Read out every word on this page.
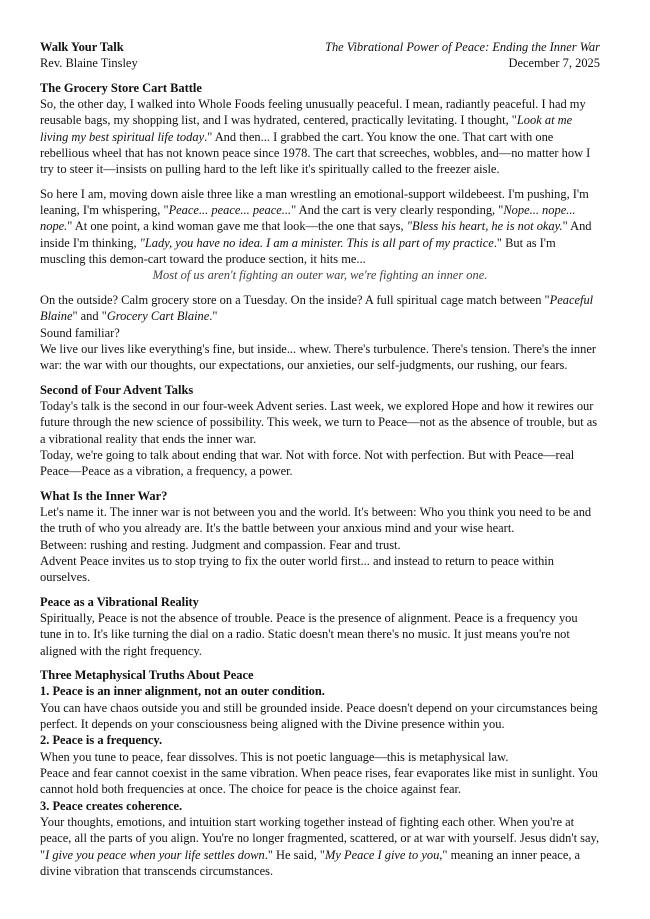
Walk Your Talk	The Vibrational Power of Peace: Ending the Inner War
Rev. Blaine Tinsley	December 7, 2025
The Grocery Store Cart Battle

So, the other day, I walked into Whole Foods feeling unusually peaceful. I mean, radiantly peaceful. I had my reusable bags, my shopping list, and I was hydrated, centered, practically levitating. I thought, "Look at me living my best spiritual life today." And then... I grabbed the cart. You know the one. That cart with one rebellious wheel that has not known peace since 1978. The cart that screeches, wobbles, and—no matter how I try to steer it—insists on pulling hard to the left like it's spiritually called to the freezer aisle.

So here I am, moving down aisle three like a man wrestling an emotional-support wildebeest. I'm pushing, I'm leaning, I'm whispering, "Peace... peace... peace..." And the cart is very clearly responding, "Nope... nope... nope." At one point, a kind woman gave me that look—the one that says, "Bless his heart, he is not okay." And inside I'm thinking, "Lady, you have no idea. I am a minister. This is all part of my practice." But as I'm muscling this demon-cart toward the produce section, it hits me...

Most of us aren't fighting an outer war, we're fighting an inner one.

On the outside? Calm grocery store on a Tuesday. On the inside? A full spiritual cage match between "Peaceful Blaine" and "Grocery Cart Blaine."

Sound familiar?

We live our lives like everything's fine, but inside... whew. There's turbulence. There's tension. There's the inner war: the war with our thoughts, our expectations, our anxieties, our self-judgments, our rushing, our fears.

Second of Four Advent Talks

Today's talk is the second in our four-week Advent series. Last week, we explored Hope and how it rewires our future through the new science of possibility. This week, we turn to Peace—not as the absence of trouble, but as a vibrational reality that ends the inner war.

Today, we're going to talk about ending that war. Not with force. Not with perfection. But with Peace—real Peace—Peace as a vibration, a frequency, a power.

What Is the Inner War?

Let's name it. The inner war is not between you and the world. It's between: Who you think you need to be and the truth of who you already are. It's the battle between your anxious mind and your wise heart.

Between: rushing and resting. Judgment and compassion. Fear and trust.

Advent Peace invites us to stop trying to fix the outer world first... and instead to return to peace within ourselves.

Peace as a Vibrational Reality

Spiritually, Peace is not the absence of trouble. Peace is the presence of alignment. Peace is a frequency you tune in to. It's like turning the dial on a radio. Static doesn't mean there's no music. It just means you're not aligned with the right frequency.

Three Metaphysical Truths About Peace
1. Peace is an inner alignment, not an outer condition.

You can have chaos outside you and still be grounded inside. Peace doesn't depend on your circumstances being perfect. It depends on your consciousness being aligned with the Divine presence within you.

2. Peace is a frequency.

When you tune to peace, fear dissolves. This is not poetic language—this is metaphysical law.

Peace and fear cannot coexist in the same vibration. When peace rises, fear evaporates like mist in sunlight. You cannot hold both frequencies at once. The choice for peace is the choice against fear.

3. Peace creates coherence.

Your thoughts, emotions, and intuition start working together instead of fighting each other. When you're at peace, all the parts of you align. You're no longer fragmented, scattered, or at war with yourself. Jesus didn't say, "I give you peace when your life settles down." He said, "My Peace I give to you," meaning an inner peace, a divine vibration that transcends circumstances.
